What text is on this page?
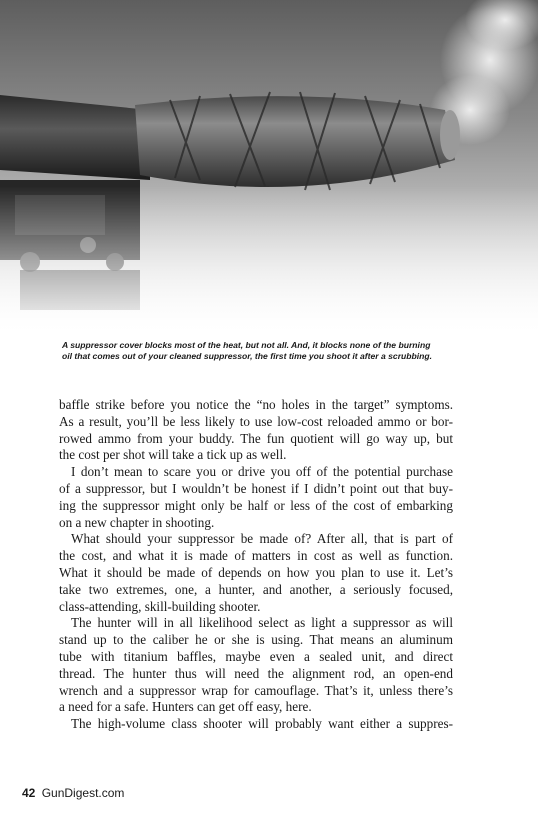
A suppressor cover blocks most of the heat, but not all. And, it blocks none of the burning
oil that comes out of your cleaned suppressor, the first time you shoot it after a scrubbing.
baffle strike before you notice the “no holes in the target” symptoms.
As a result, you’ll be less likely to use low-cost reloaded ammo or bor-
rowed ammo from your buddy. The fun quotient will go way up, but
the cost per shot will take a tick up as well.
I don’t mean to scare you or drive you off of the potential purchase
of a suppressor, but I wouldn’t be honest if I didn’t point out that buy-
ing the suppressor might only be half or less of the cost of embarking
on a new chapter in shooting.
What should your suppressor be made of? After all, that is part of
the cost, and what it is made of matters in cost as well as function.
What it should be made of depends on how you plan to use it. Let’s
take two extremes, one, a hunter, and another, a seriously focused,
class-attending, skill-building shooter.
The hunter will in all likelihood select as light a suppressor as will
stand up to the caliber he or she is using. That means an aluminum
tube with titanium baffles, maybe even a sealed unit, and direct
thread. The hunter thus will need the alignment rod, an open-end
wrench and a suppressor wrap for camouflage. That’s it, unless there’s
a need for a safe. Hunters can get off easy, here.
The high-volume class shooter will probably want either a suppres-
42 GunDigest.com
